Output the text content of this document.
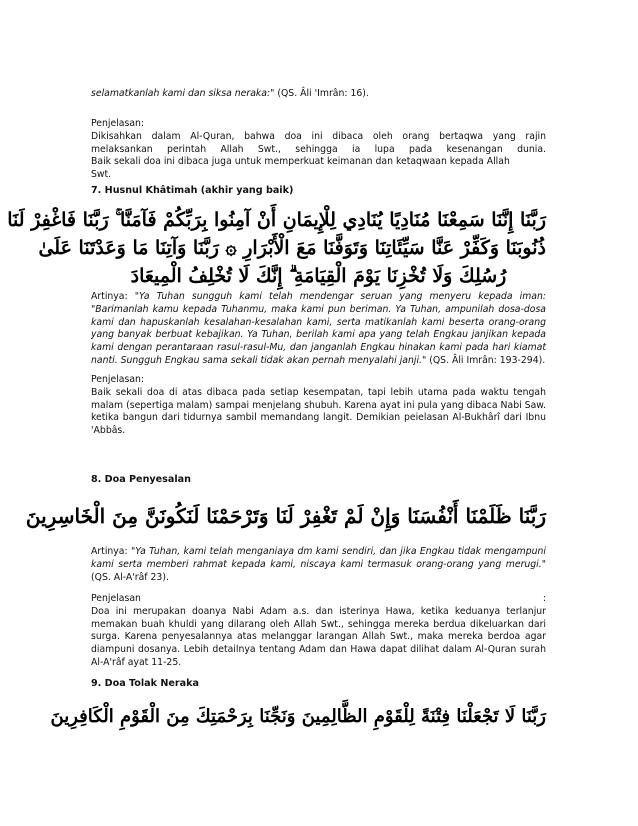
selamatkanlah kami dan siksa neraka:" (QS. Âli 'Imrân: 16).

Penjelasan:
Dikisahkan dalam Al-Quran, bahwa doa ini dibaca oleh orang bertaqwa yang rajin
melaksankan perintah Allah Swt., sehingga ia lupa pada kesenangan dunia.
Baik sekali doa ini dibaca juga untuk memperkuat keimanan dan ketaqwaan kepada Allah
Swt.
7. Husnul Khâtimah (akhir yang baik)
رَبَّنَا إِنَّنَا سَمِعْنَا مُنَادِيًا يُنَادِي لِلْإِيمَانِ أَنْ آمِنُوا بِرَبِّكُمْ فَآمَنَّا ۚ رَبَّنَا فَاغْفِرْ لَنَا
ذُنُوبَنَا وَكَفِّرْ عَنَّا سَيِّئَاتِنَا وَتَوَفَّنَا مَعَ الْأَبْرَارِ ۞ رَبَّنَا وَآتِنَا مَا وَعَدْتَنَا عَلَىٰ
رُسُلِكَ وَلَا تُخْزِنَا يَوْمَ الْقِيَامَةِ ۗ إِنَّكَ لَا تُخْلِفُ الْمِيعَادَ

Artinya: "Ya Tuhan sungguh kami telah mendengar seruan yang menyeru kepada iman: "Barimanlah kamu kepada Tuhanmu, maka kami pun beriman. Ya Tuhan, ampunilah dosa-dosa kami dan hapuskanlah kesalahan-kesalahan kami, serta matikanlah kami beserta orang-orang yang banyak berbuat kebajikan. Ya Tuhan, berilah kami apa yang telah Engkau janjikan kepada kami dengan perantaraan rasul-rasul-Mu, dan janganlah Engkau hinakan kami pada hari kiamat nanti. Sungguh Engkau sama sekali tidak akan pernah menyalahi janji." (QS. Âli Imrân: 193-294).

Penjelasan:
Baik sekali doa di atas dibaca pada setiap kesempatan, tapi lebih utama pada waktu tengah malam (sepertiga malam) sampai menjelang shubuh. Karena ayat ini pula yang dibaca Nabi Saw. ketika bangun dari tidurnya sambil memandang langit. Demikian peielasan Al-Bukhârî dari Ibnu 'Abbâs.
8. Doa Penyesalan
رَبَّنَا ظَلَمْنَا أَنْفُسَنَا وَإِنْ لَمْ تَغْفِرْ لَنَا وَتَرْحَمْنَا لَنَكُونَنَّ مِنَ الْخَاسِرِينَ

Artinya: "Ya Tuhan, kami telah menganiaya dm kami sendiri, dan jika Engkau tidak mengampuni kami serta memberi rahmat kepada kami, niscaya kami termasuk orang-orang yang merugi." (QS. Al-A'râf 23).

Penjelasan	:
Doa ini merupakan doanya Nabi Adam a.s. dan isterinya Hawa, ketika keduanya terlanjur memakan buah khuldi yang dilarang oleh Allah Swt., sehingga mereka berdua dikeluarkan dari surga. Karena penyesalannya atas melanggar larangan Allah Swt., maka mereka berdoa agar diampuni dosanya. Lebih detailnya tentang Adam dan Hawa dapat dilihat dalam Al-Quran surah Al-A'râf ayat 11-25.
9. Doa Tolak Neraka
رَبَّنَا لَا تَجْعَلْنَا فِتْنَةً لِلْقَوْمِ الظَّالِمِينَ وَنَجِّنَا بِرَحْمَتِكَ مِنَ الْقَوْمِ الْكَافِرِينَ
